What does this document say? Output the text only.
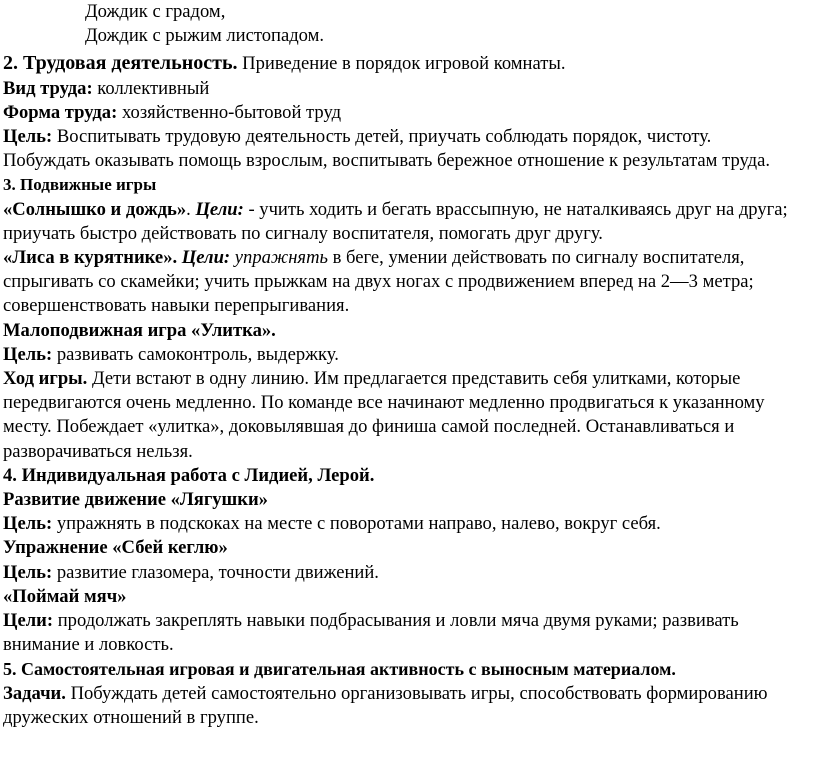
Дождик с градом,
Дождик с рыжим листопадом.
2. Трудовая деятельность. Приведение в порядок игровой комнаты.
Вид труда: коллективный
Форма труда: хозяйственно-бытовой труд
Цель: Воспитывать трудовую деятельность детей, приучать соблюдать порядок, чистоту. Побуждать оказывать помощь взрослым, воспитывать бережное отношение к результатам труда.
3. Подвижные игры
«Солнышко и дождь». Цели: - учить ходить и бегать врассыпную, не наталкиваясь друг на друга; приучать быстро действовать по сигналу воспитателя, помогать друг другу.
«Лиса в курятнике». Цели: упражнять в беге, умении действовать по сигналу воспитателя, спрыгивать со скамейки; учить прыжкам на двух ногах с продвижением вперед на 2—3 метра; совершенствовать навыки перепрыгивания.
Малоподвижная игра «Улитка».
Цель: развивать самоконтроль, выдержку.
Ход игры. Дети встают в одну линию. Им предлагается представить себя улитками, которые передвигаются очень медленно. По команде все начинают медленно продвигаться к указанному месту. Побеждает «улитка», доковылявшая до финиша самой последней. Останавливаться и разворачиваться нельзя.
4. Индивидуальная работа с Лидией, Лерой.
Развитие движение «Лягушки»
Цель: упражнять в подскоках на месте с поворотами направо, налево, вокруг себя.
Упражнение «Сбей кеглю»
Цель: развитие глазомера, точности движений.
«Поймай мяч»
Цели: продолжать закреплять навыки подбрасывания и ловли мяча двумя руками; развивать внимание и ловкость.
5. Самостоятельная игровая и двигательная активность с выносным материалом.
Задачи. Побуждать детей самостоятельно организовывать игры, способствовать формированию дружеских отношений в группе.
